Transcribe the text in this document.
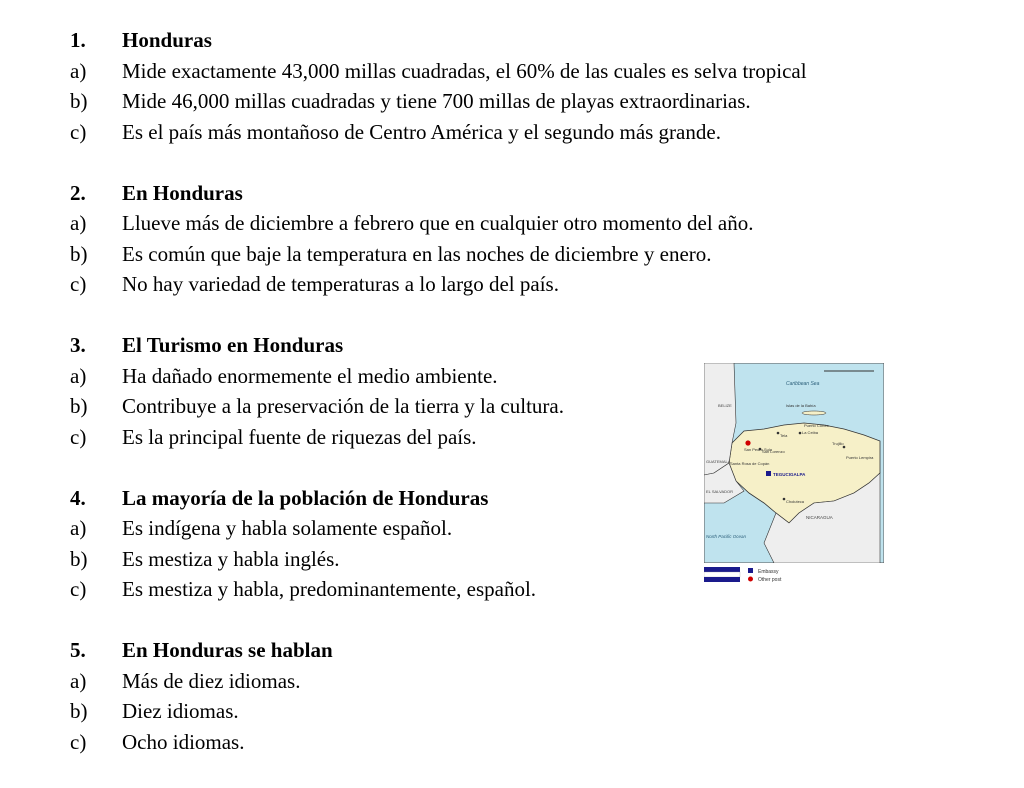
1.	Honduras
a)	Mide exactamente 43,000 millas cuadradas, el 60% de las cuales es selva tropical
b)	Mide 46,000 millas cuadradas y tiene 700 millas de playas extraordinarias.
c)	Es el país más montañoso de Centro América y el segundo más grande.
2.	En Honduras
a)	Llueve más de diciembre a febrero que en cualquier otro momento del año.
b)	Es común que baje la temperatura en las noches de diciembre y enero.
c)	No hay variedad de temperaturas a lo largo del país.
3.	El Turismo en Honduras
a)	Ha dañado enormemente el medio ambiente.
b)	Contribuye a la preservación de la tierra y la cultura.
c)	Es la principal fuente de riquezas del país.
4.	La mayoría de la población de Honduras
a)	Es indígena y habla solamente español.
b)	Es mestiza y habla inglés.
c)	Es mestiza y habla, predominantemente, español.
5.	En Honduras se hablan
a)	Más de diez idiomas.
b)	Diez idiomas.
c)	Ocho idiomas.
Caribbean Sea
Islas de la Bahía
North Pacific Ocean
BELIZE
GUATEMALA
EL SALVADOR
NICARAGUA
TEGUCIGALPA
La Ceiba
Puerto Cortés
Tela
San Pedro Sula
San Lorenzo
Santa Rosa de Copán
Trujillo
Puerto Lempira
Choluteca
Embassy
Other post
